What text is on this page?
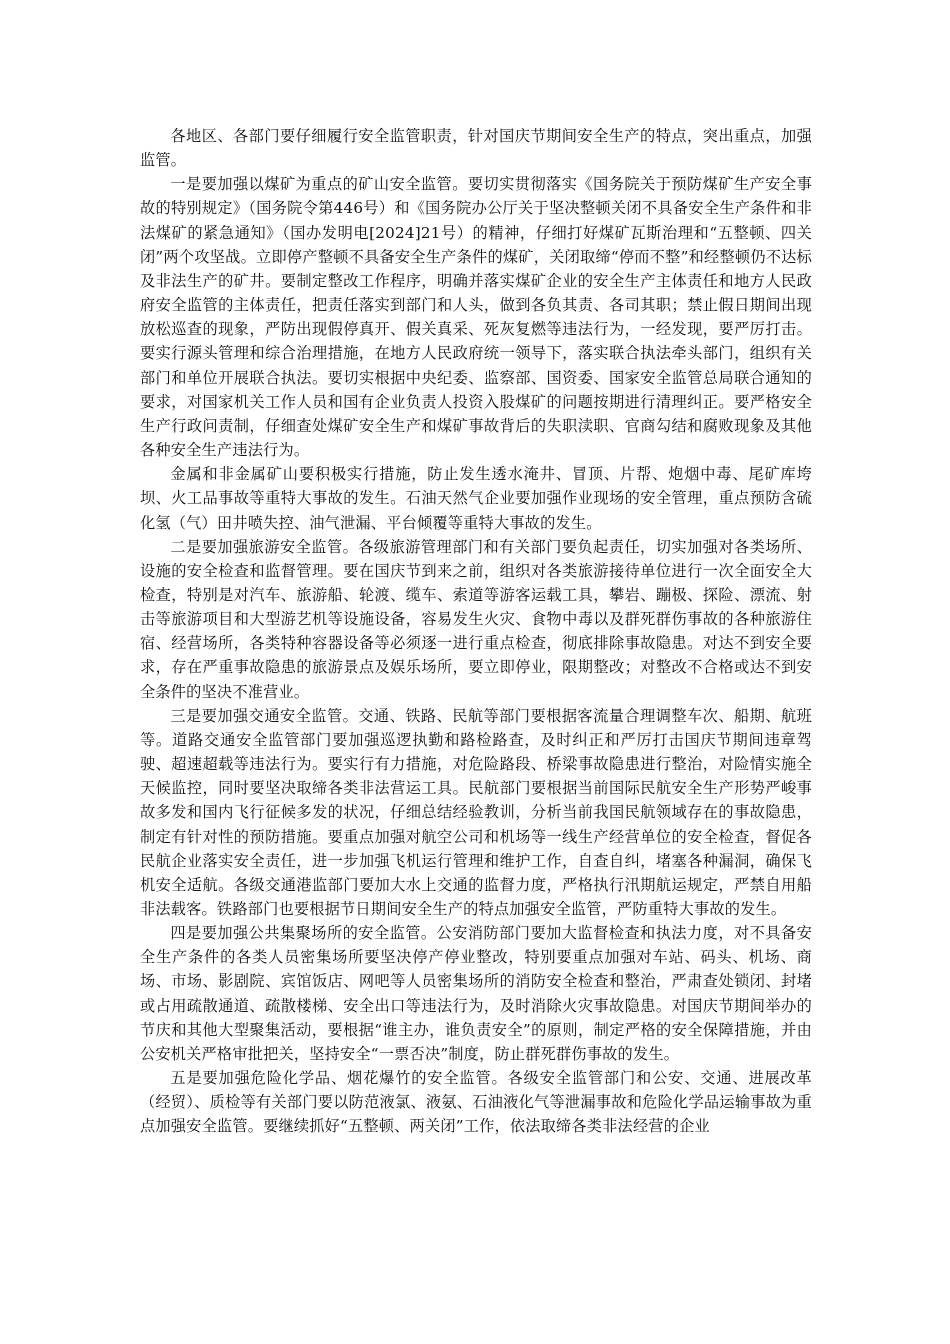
各地区、各部门要仔细履行安全监管职责，针对国庆节期间安全生产的特点，突出重点，加强监管。

一是要加强以煤矿为重点的矿山安全监管。要切实贯彻落实《国务院关于预防煤矿生产安全事故的特别规定》（国务院令第446号）和《国务院办公厅关于坚决整顿关闭不具备安全生产条件和非法煤矿的紧急通知》（国办发明电[2024]21号）的精神，仔细打好煤矿瓦斯治理和“五整顿、四关闭”两个攻坚战。立即停产整顿不具备安全生产条件的煤矿，关闭取缔“停而不整”和经整顿仍不达标及非法生产的矿井。要制定整改工作程序，明确并落实煤矿企业的安全生产主体责任和地方人民政府安全监管的主体责任，把责任落实到部门和人头，做到各负其责、各司其职；禁止假日期间出现放松巡查的现象，严防出现假停真开、假关真采、死灰复燃等违法行为，一经发现，要严厉打击。要实行源头管理和综合治理措施，在地方人民政府统一领导下，落实联合执法牵头部门，组织有关部门和单位开展联合执法。要切实根据中央纪委、监察部、国资委、国家安全监管总局联合通知的要求，对国家机关工作人员和国有企业负责人投资入股煤矿的问题按期进行清理纠正。要严格安全生产行政问责制，仔细查处煤矿安全生产和煤矿事故背后的失职渎职、官商勾结和腐败现象及其他各种安全生产违法行为。

金属和非金属矿山要积极实行措施，防止发生透水淹井、冒顶、片帮、炮烟中毒、尾矿库垮坝、火工品事故等重特大事故的发生。石油天然气企业要加强作业现场的安全管理，重点预防含硫化氢（气）田井喷失控、油气泄漏、平台倾覆等重特大事故的发生。

二是要加强旅游安全监管。各级旅游管理部门和有关部门要负起责任，切实加强对各类场所、设施的安全检查和监督管理。要在国庆节到来之前，组织对各类旅游接待单位进行一次全面安全大检查，特别是对汽车、旅游船、轮渡、缆车、索道等游客运载工具，攀岩、蹦极、探险、漂流、射击等旅游项目和大型游艺机等设施设备，容易发生火灾、食物中毒以及群死群伤事故的各种旅游住宿、经营场所，各类特种容器设备等必须逐一进行重点检查，彻底排除事故隐患。对达不到安全要求，存在严重事故隐患的旅游景点及娱乐场所，要立即停业，限期整改；对整改不合格或达不到安全条件的坚决不准营业。

三是要加强交通安全监管。交通、铁路、民航等部门要根据客流量合理调整车次、船期、航班等。道路交通安全监管部门要加强巡逻执勤和路检路查，及时纠正和严厉打击国庆节期间违章驾驶、超速超载等违法行为。要实行有力措施，对危险路段、桥梁事故隐患进行整治，对险情实施全天候监控，同时要坚决取缔各类非法营运工具。民航部门要根据当前国际民航安全生产形势严峻事故多发和国内飞行征候多发的状况，仔细总结经验教训，分析当前我国民航领域存在的事故隐患，制定有针对性的预防措施。要重点加强对航空公司和机场等一线生产经营单位的安全检查，督促各民航企业落实安全责任，进一步加强飞机运行管理和维护工作，自查自纠，堵塞各种漏洞，确保飞机安全适航。各级交通港监部门要加大水上交通的监督力度，严格执行汛期航运规定，严禁自用船非法载客。铁路部门也要根据节日期间安全生产的特点加强安全监管，严防重特大事故的发生。

四是要加强公共集聚场所的安全监管。公安消防部门要加大监督检查和执法力度，对不具备安全生产条件的各类人员密集场所要坚决停产停业整改，特别要重点加强对车站、码头、机场、商场、市场、影剧院、宾馆饭店、网吧等人员密集场所的消防安全检查和整治，严肃查处锁闭、封堵或占用疏散通道、疏散楼梯、安全出口等违法行为，及时消除火灾事故隐患。对国庆节期间举办的节庆和其他大型聚集活动，要根据“谁主办，谁负责安全”的原则，制定严格的安全保障措施，并由公安机关严格审批把关，坚持安全“一票否决”制度，防止群死群伤事故的发生。

五是要加强危险化学品、烟花爆竹的安全监管。各级安全监管部门和公安、交通、进展改革（经贸）、质检等有关部门要以防范液氯、液氨、石油液化气等泄漏事故和危险化学品运输事故为重点加强安全监管。要继续抓好“五整顿、两关闭”工作，依法取缔各类非法经营的企业
